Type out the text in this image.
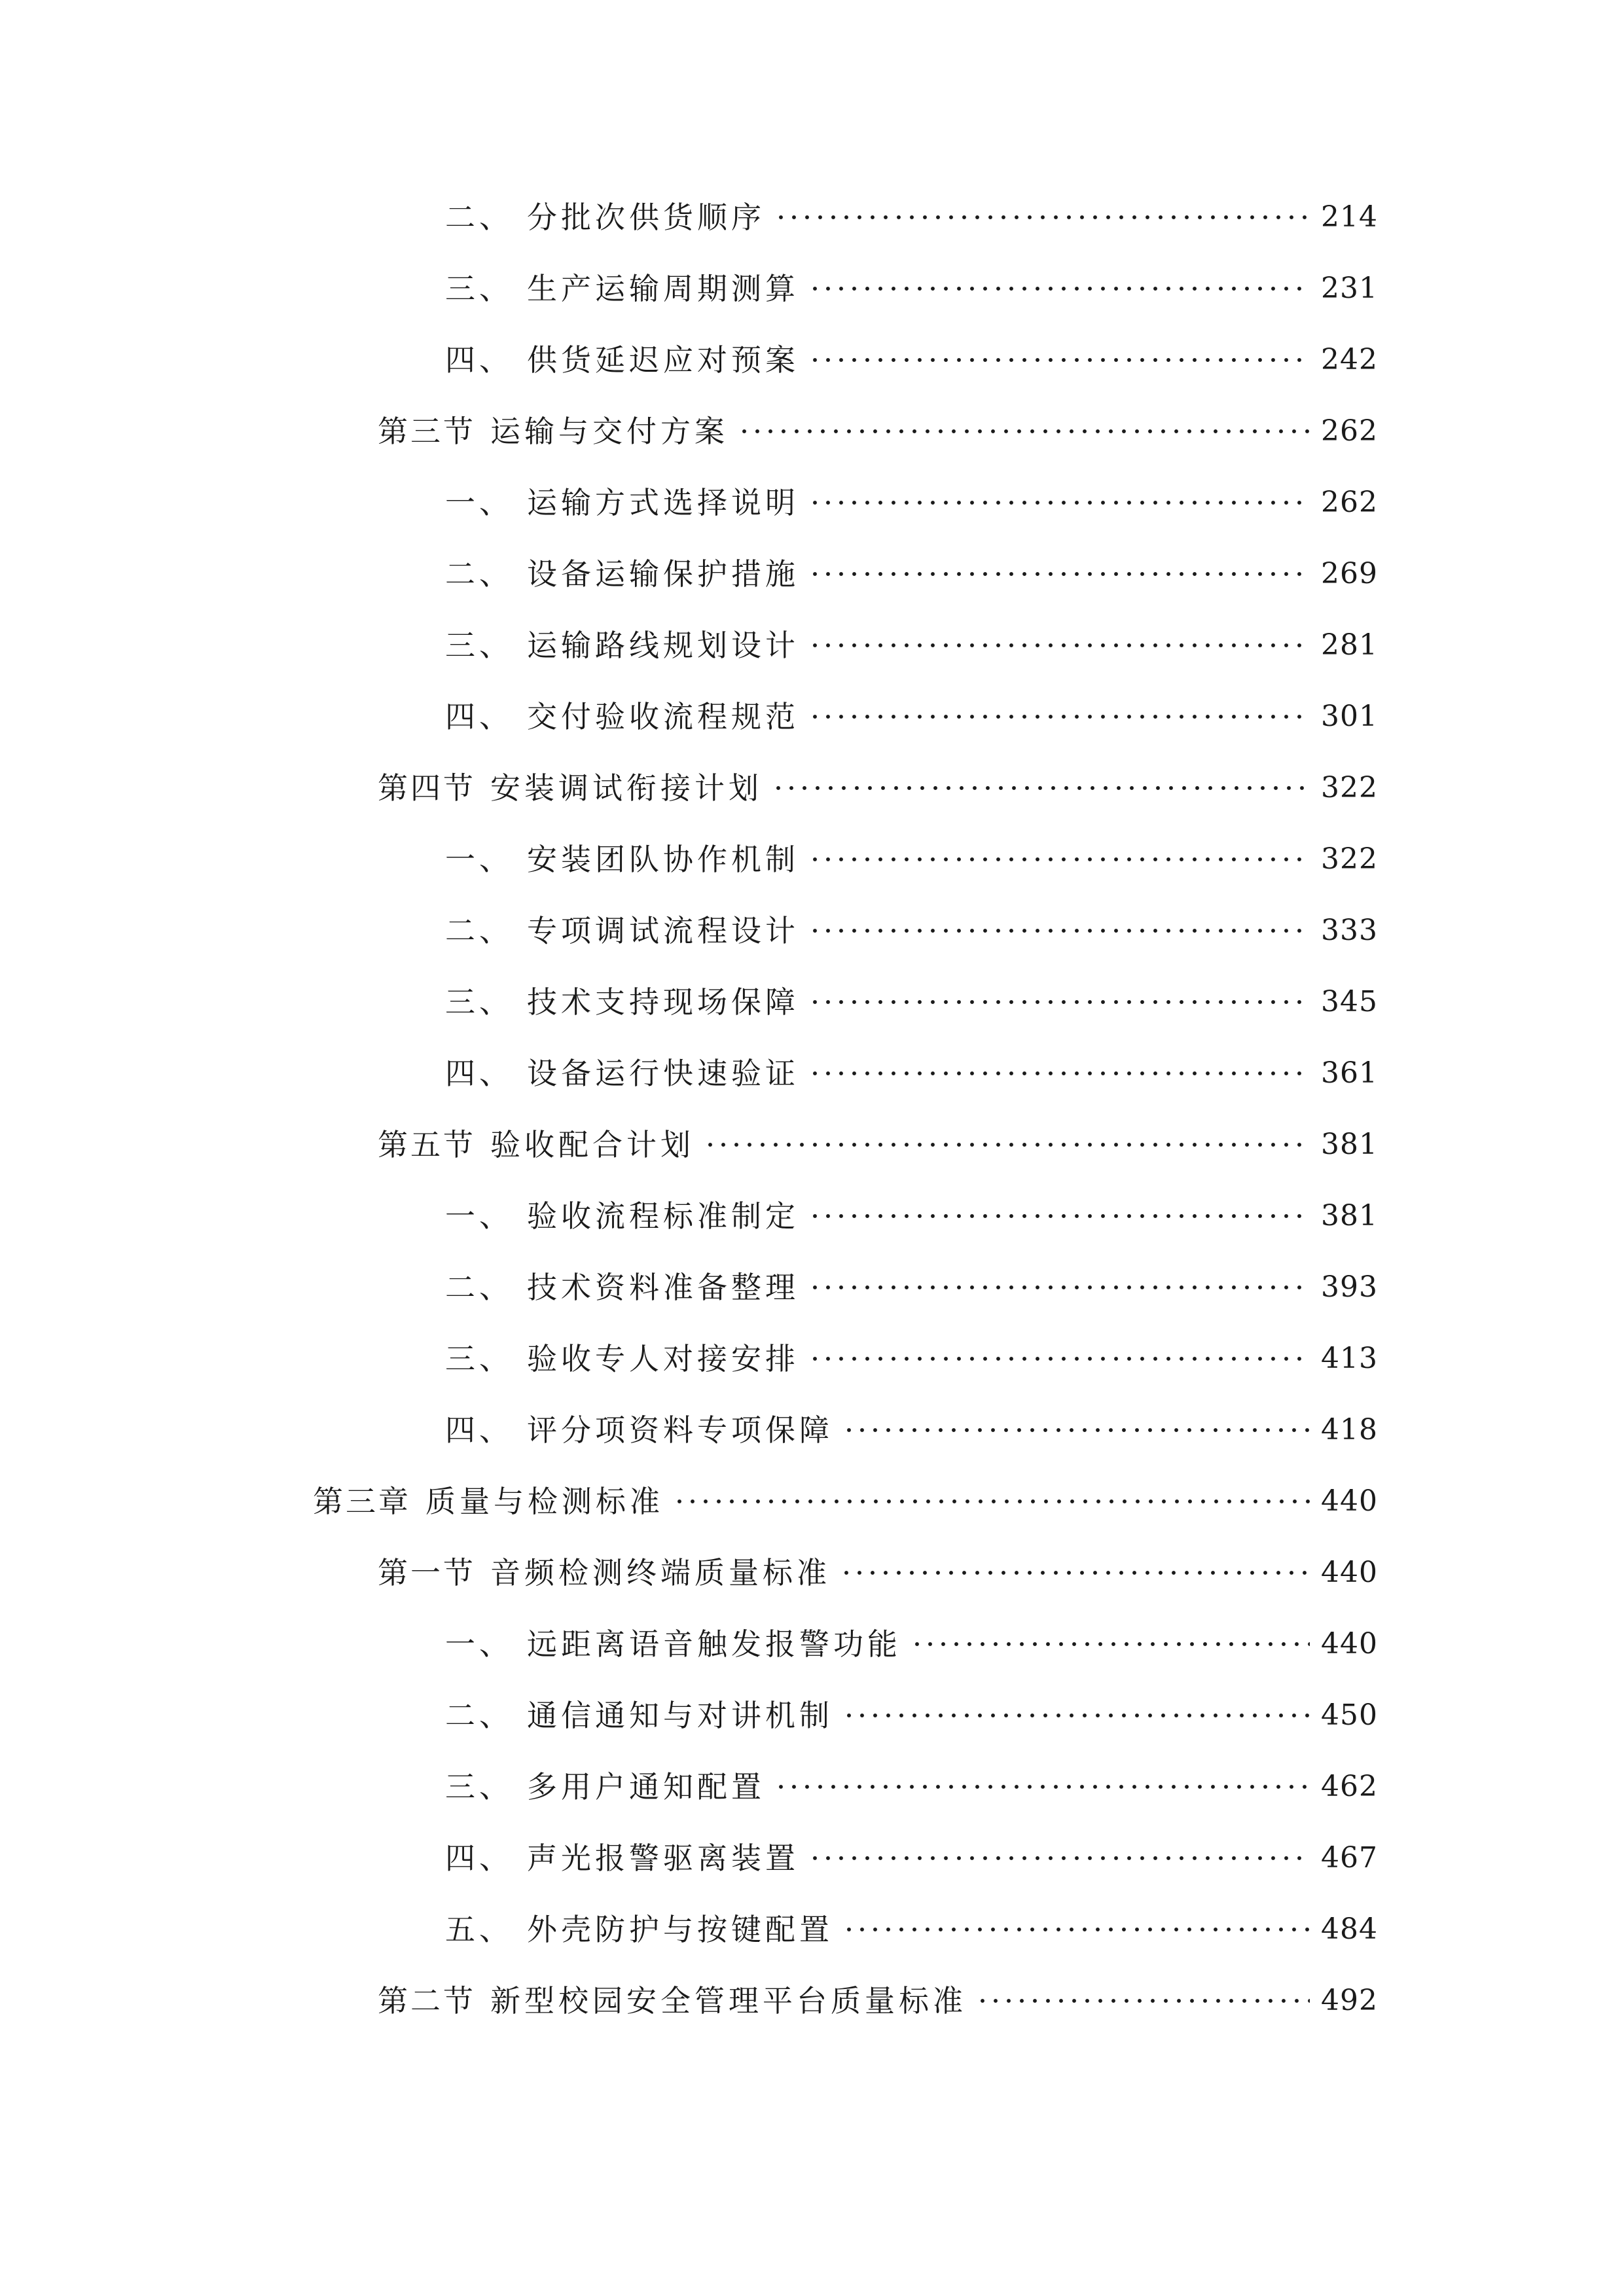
二、 分批次供货顺序	214
三、 生产运输周期测算	231
四、 供货延迟应对预案	242
第三节 运输与交付方案	262
一、 运输方式选择说明	262
二、 设备运输保护措施	269
三、 运输路线规划设计	281
四、 交付验收流程规范	301
第四节 安装调试衔接计划	322
一、 安装团队协作机制	322
二、 专项调试流程设计	333
三、 技术支持现场保障	345
四、 设备运行快速验证	361
第五节 验收配合计划	381
一、 验收流程标准制定	381
二、 技术资料准备整理	393
三、 验收专人对接安排	413
四、 评分项资料专项保障	418
第三章 质量与检测标准	440
第一节 音频检测终端质量标准	440
一、 远距离语音触发报警功能	440
二、 通信通知与对讲机制	450
三、 多用户通知配置	462
四、 声光报警驱离装置	467
五、 外壳防护与按键配置	484
第二节 新型校园安全管理平台质量标准	492
